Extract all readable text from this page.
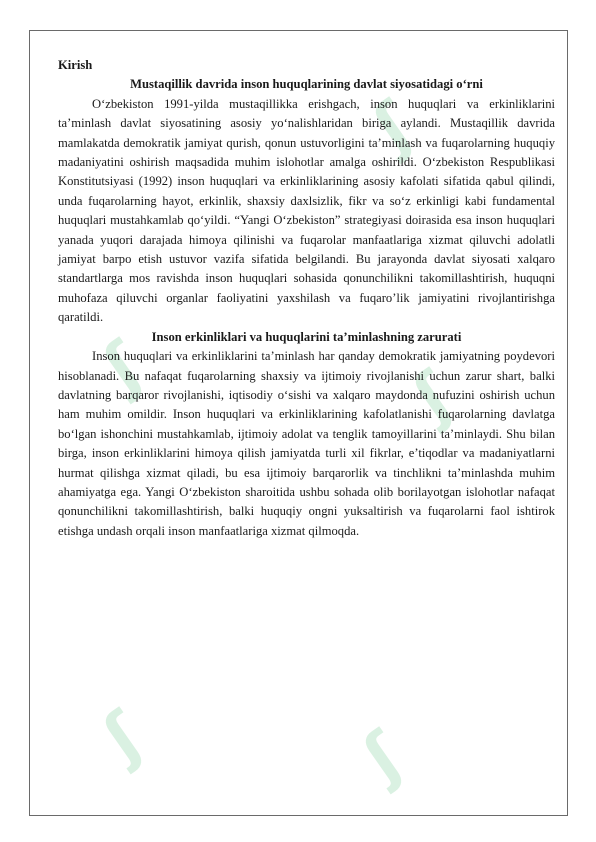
ʃ
ʃ	ʃ
ʃ	ʃ

Kirish

Mustaqillik davrida inson huquqlarining davlat siyosatidagi o‘rni

O‘zbekiston 1991-yilda mustaqillikka erishgach, inson huquqlari va erkinliklarini ta’minlash davlat siyosatining asosiy yo‘nalishlaridan biriga aylandi. Mustaqillik davrida mamlakatda demokratik jamiyat qurish, qonun ustuvorligini ta’minlash va fuqarolarning huquqiy madaniyatini oshirish maqsadida muhim islohotlar amalga oshirildi. O‘zbekiston Respublikasi Konstitutsiyasi (1992) inson huquqlari va erkinliklarining asosiy kafolati sifatida qabul qilindi, unda fuqarolarning hayot, erkinlik, shaxsiy daxlsizlik, fikr va so‘z erkinligi kabi fundamental huquqlari mustahkamlab qo‘yildi. “Yangi O‘zbekiston” strategiyasi doirasida esa inson huquqlari yanada yuqori darajada himoya qilinishi va fuqarolar manfaatlariga xizmat qiluvchi adolatli jamiyat barpo etish ustuvor vazifa sifatida belgilandi. Bu jarayonda davlat siyosati xalqaro standartlarga mos ravishda inson huquqlari sohasida qonunchilikni takomillashtirish, huquqni muhofaza qiluvchi organlar faoliyatini yaxshilash va fuqaro’lik jamiyatini rivojlantirishga qaratildi.

Inson erkinliklari va huquqlarini ta’minlashning zarurati

Inson huquqlari va erkinliklarini ta’minlash har qanday demokratik jamiyatning poydevori hisoblanadi. Bu nafaqat fuqarolarning shaxsiy va ijtimoiy rivojlanishi uchun zarur shart, balki davlatning barqaror rivojlanishi, iqtisodiy o‘sishi va xalqaro maydonda nufuzini oshirish uchun ham muhim omildir. Inson huquqlari va erkinliklarining kafolatlanishi fuqarolarning davlatga bo‘lgan ishonchini mustahkamlab, ijtimoiy adolat va tenglik tamoyillarini ta’minlaydi. Shu bilan birga, inson erkinliklarini himoya qilish jamiyatda turli xil fikrlar, e’tiqodlar va madaniyatlarni hurmat qilishga xizmat qiladi, bu esa ijtimoiy barqarorlik va tinchlikni ta’minlashda muhim ahamiyatga ega. Yangi O‘zbekiston sharoitida ushbu sohada olib borilayotgan islohotlar nafaqat qonunchilikni takomillashtirish, balki huquqiy ongni yuksaltirish va fuqarolarni faol ishtirok etishga undash orqali inson manfaatlariga xizmat qilmoqda.
